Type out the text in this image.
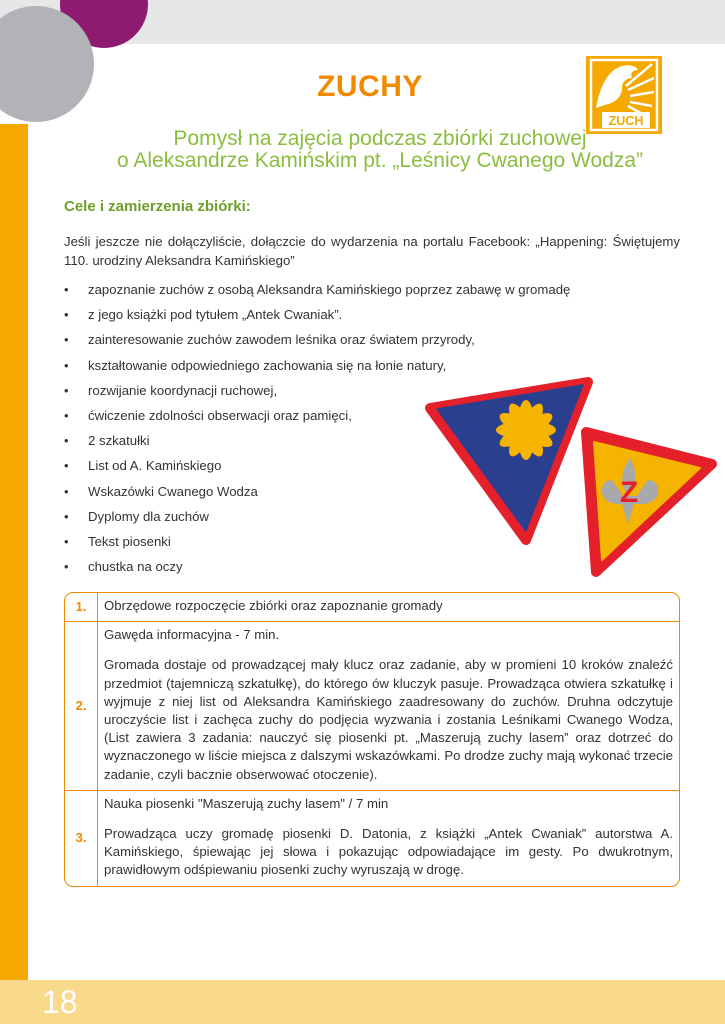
ZUCHY
ZUCH
Pomysł na zajęcia podczas zbiórki zuchowej
o Aleksandrze Kamińskim pt. „Leśnicy Cwanego Wodza”
Cele i zamierzenia zbiórki:
Jeśli jeszcze nie dołączyliście, dołączcie do wydarzenia na portalu Facebook: „Happening: Świętujemy 110. urodziny Aleksandra Kamińskiego”
• zapoznanie zuchów z osobą Aleksandra Kamińskiego poprzez zabawę w gromadę
• z jego książki pod tytułem „Antek Cwaniak”.
• zainteresowanie zuchów zawodem leśnika oraz światem przyrody,
• kształtowanie odpowiedniego zachowania się na łonie natury,
• rozwijanie koordynacji ruchowej,
• ćwiczenie zdolności obserwacji oraz pamięci,
• 2 szkatułki
• List od A. Kamińskiego
• Wskazówki Cwanego Wodza
• Dyplomy dla zuchów
• Tekst piosenki
• chustka na oczy
Z
1.	Obrzędowe rozpoczęcie zbiórki oraz zapoznanie gromady

2.	Gawęda informacyjna - 7 min.

Gromada dostaje od prowadzącej mały klucz oraz zadanie, aby w promieni 10 kroków znaleźć przedmiot (tajemniczą szkatułkę), do którego ów kluczyk pasuje. Prowadząca otwiera szkatułkę i wyjmuje z niej list od Aleksandra Kamińskiego zaadresowany do zuchów. Druhna odczytuje uroczyście list i zachęca zuchy do podjęcia wyzwania i zostania Leśnikami Cwanego Wodza, (List zawiera 3 zadania: nauczyć się piosenki pt. „Maszerują zuchy lasem” oraz dotrzeć do wyznaczonego w liście miejsca z dalszymi wskazówkami. Po drodze zuchy mają wykonać trzecie zadanie, czyli bacznie obserwować otoczenie).

3.	Nauka piosenki "Maszerują zuchy lasem" / 7 min

Prowadząca uczy gromadę piosenki D. Datonia, z książki „Antek Cwaniak” autorstwa A. Kamińskiego, śpiewając jej słowa i pokazując odpowiadające im gesty. Po dwukrotnym, prawidłowym odśpiewaniu piosenki zuchy wyruszają w drogę.

18
